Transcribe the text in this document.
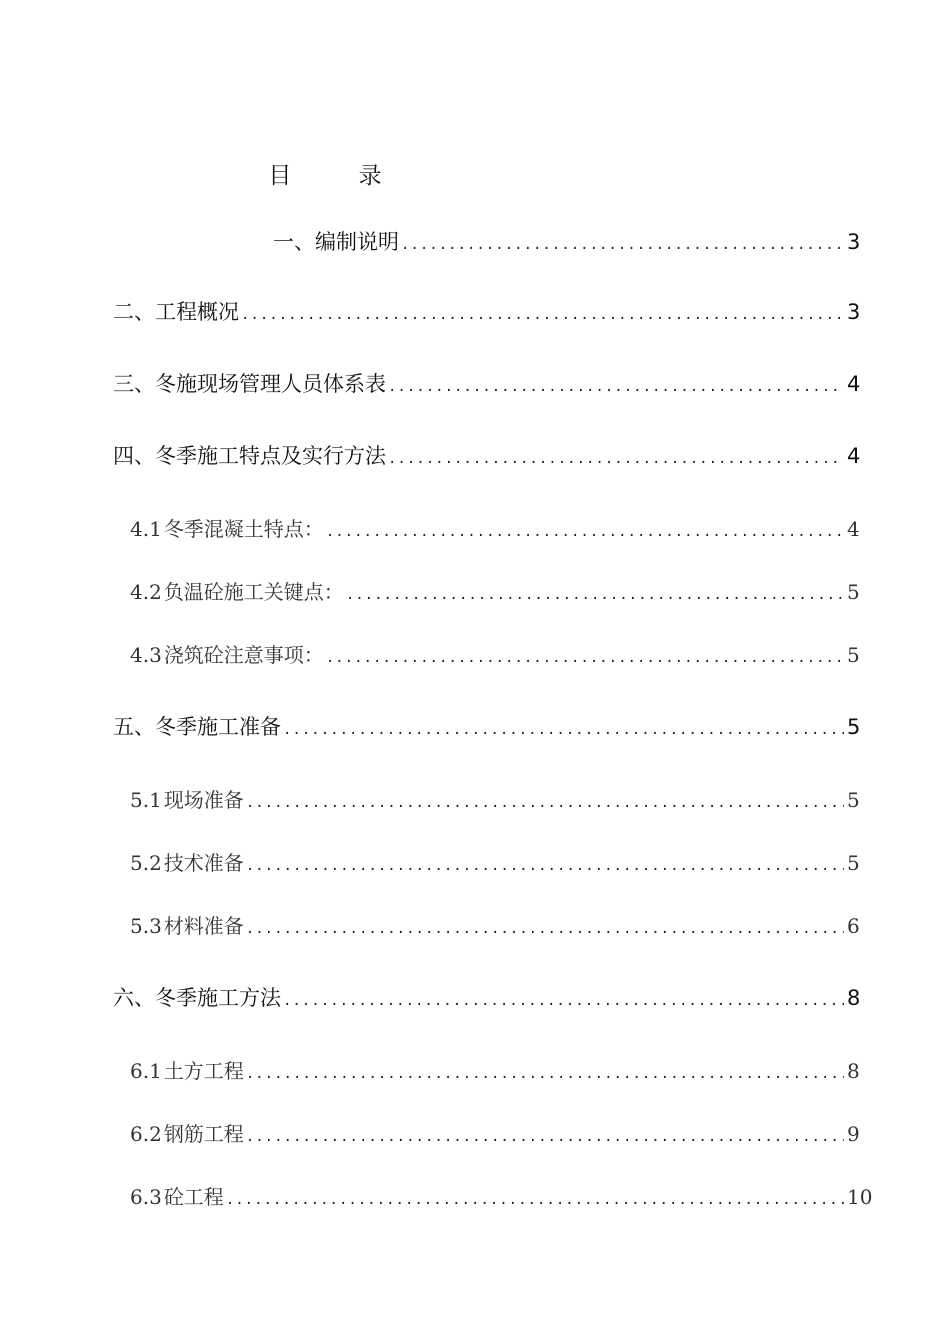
目 录
一、 编制说明 .....	3
二、 工程概况 .....	3
三、 冬施现场管理人员体系表 .....	4
四、 冬季施工特点及实行方法 .....	4
4.1 冬季混凝土特点： .....	4
4.2 负温砼施工关键点： .....	5
4.3 浇筑砼注意事项： .....	5
五、 冬季施工准备 .....	5
5.1 现场准备 .....	5
5.2 技术准备 .....	5
5.3 材料准备 .....	6
六、 冬季施工方法 .....	8
6.1 土方工程 .....	8
6.2 钢筋工程 .....	9
6.3 砼工程 .....	10
